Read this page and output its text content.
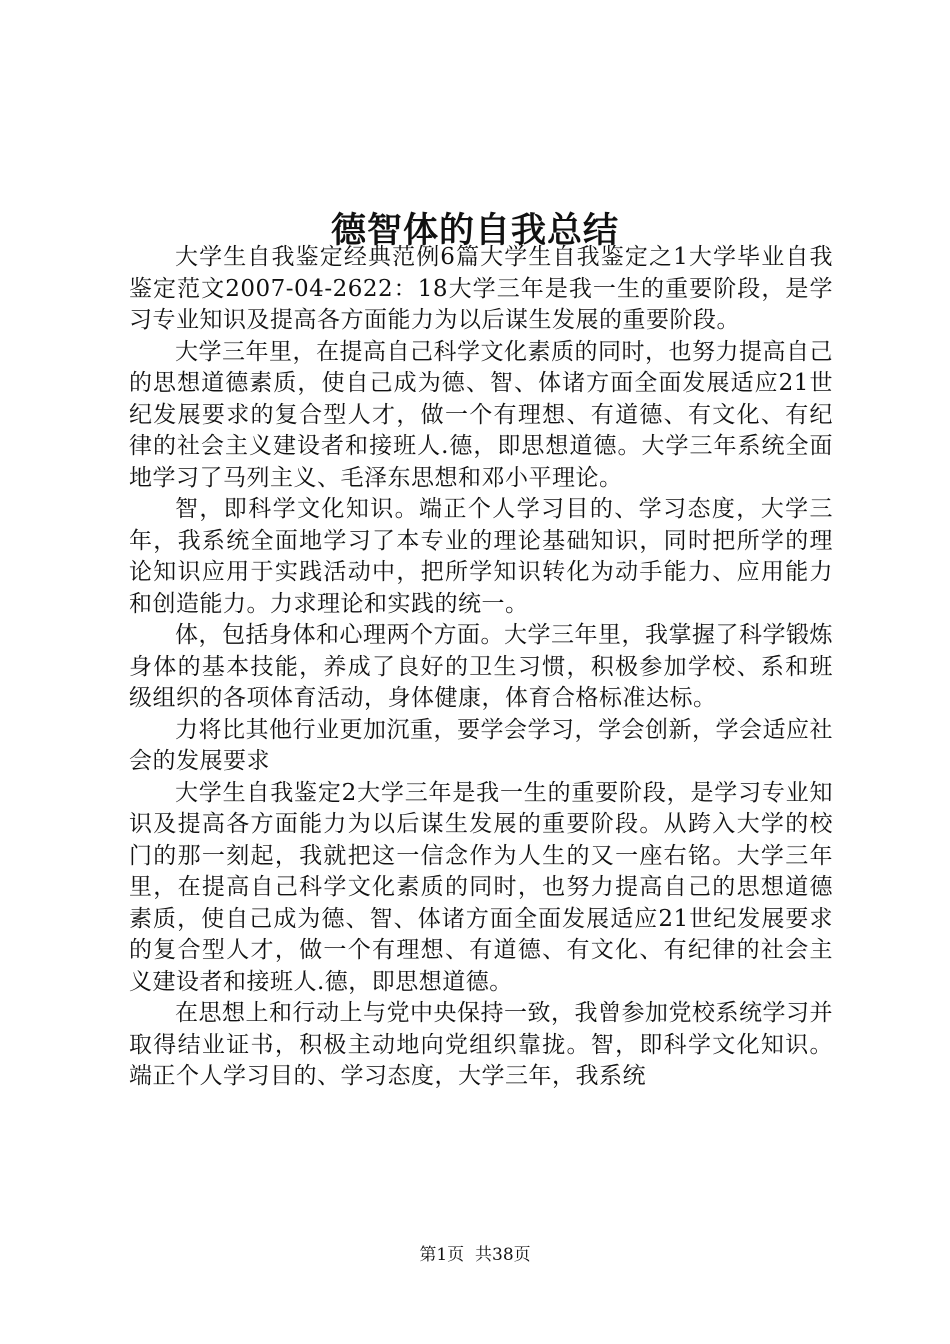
德智体的自我总结

大学生自我鉴定经典范例6篇大学生自我鉴定之1大学毕业自我鉴定范文2007-04-2622：18大学三年是我一生的重要阶段，是学习专业知识及提高各方面能力为以后谋生发展的重要阶段。

大学三年里，在提高自己科学文化素质的同时，也努力提高自己的思想道德素质，使自己成为德、智、体诸方面全面发展适应21世纪发展要求的复合型人才，做一个有理想、有道德、有文化、有纪律的社会主义建设者和接班人.德，即思想道德。大学三年系统全面地学习了马列主义、毛泽东思想和邓小平理论。

智，即科学文化知识。端正个人学习目的、学习态度，大学三年，我系统全面地学习了本专业的理论基础知识，同时把所学的理论知识应用于实践活动中，把所学知识转化为动手能力、应用能力和创造能力。力求理论和实践的统一。

体，包括身体和心理两个方面。大学三年里，我掌握了科学锻炼身体的基本技能，养成了良好的卫生习惯，积极参加学校、系和班级组织的各项体育活动，身体健康，体育合格标准达标。

力将比其他行业更加沉重，要学会学习，学会创新，学会适应社会的发展要求

大学生自我鉴定2大学三年是我一生的重要阶段，是学习专业知识及提高各方面能力为以后谋生发展的重要阶段。从跨入大学的校门的那一刻起，我就把这一信念作为人生的又一座右铭。大学三年里，在提高自己科学文化素质的同时，也努力提高自己的思想道德素质，使自己成为德、智、体诸方面全面发展适应21世纪发展要求的复合型人才，做一个有理想、有道德、有文化、有纪律的社会主义建设者和接班人.德，即思想道德。

在思想上和行动上与党中央保持一致，我曾参加党校系统学习并取得结业证书，积极主动地向党组织靠拢。智，即科学文化知识。端正个人学习目的、学习态度，大学三年，我系统

第1页 共38页
